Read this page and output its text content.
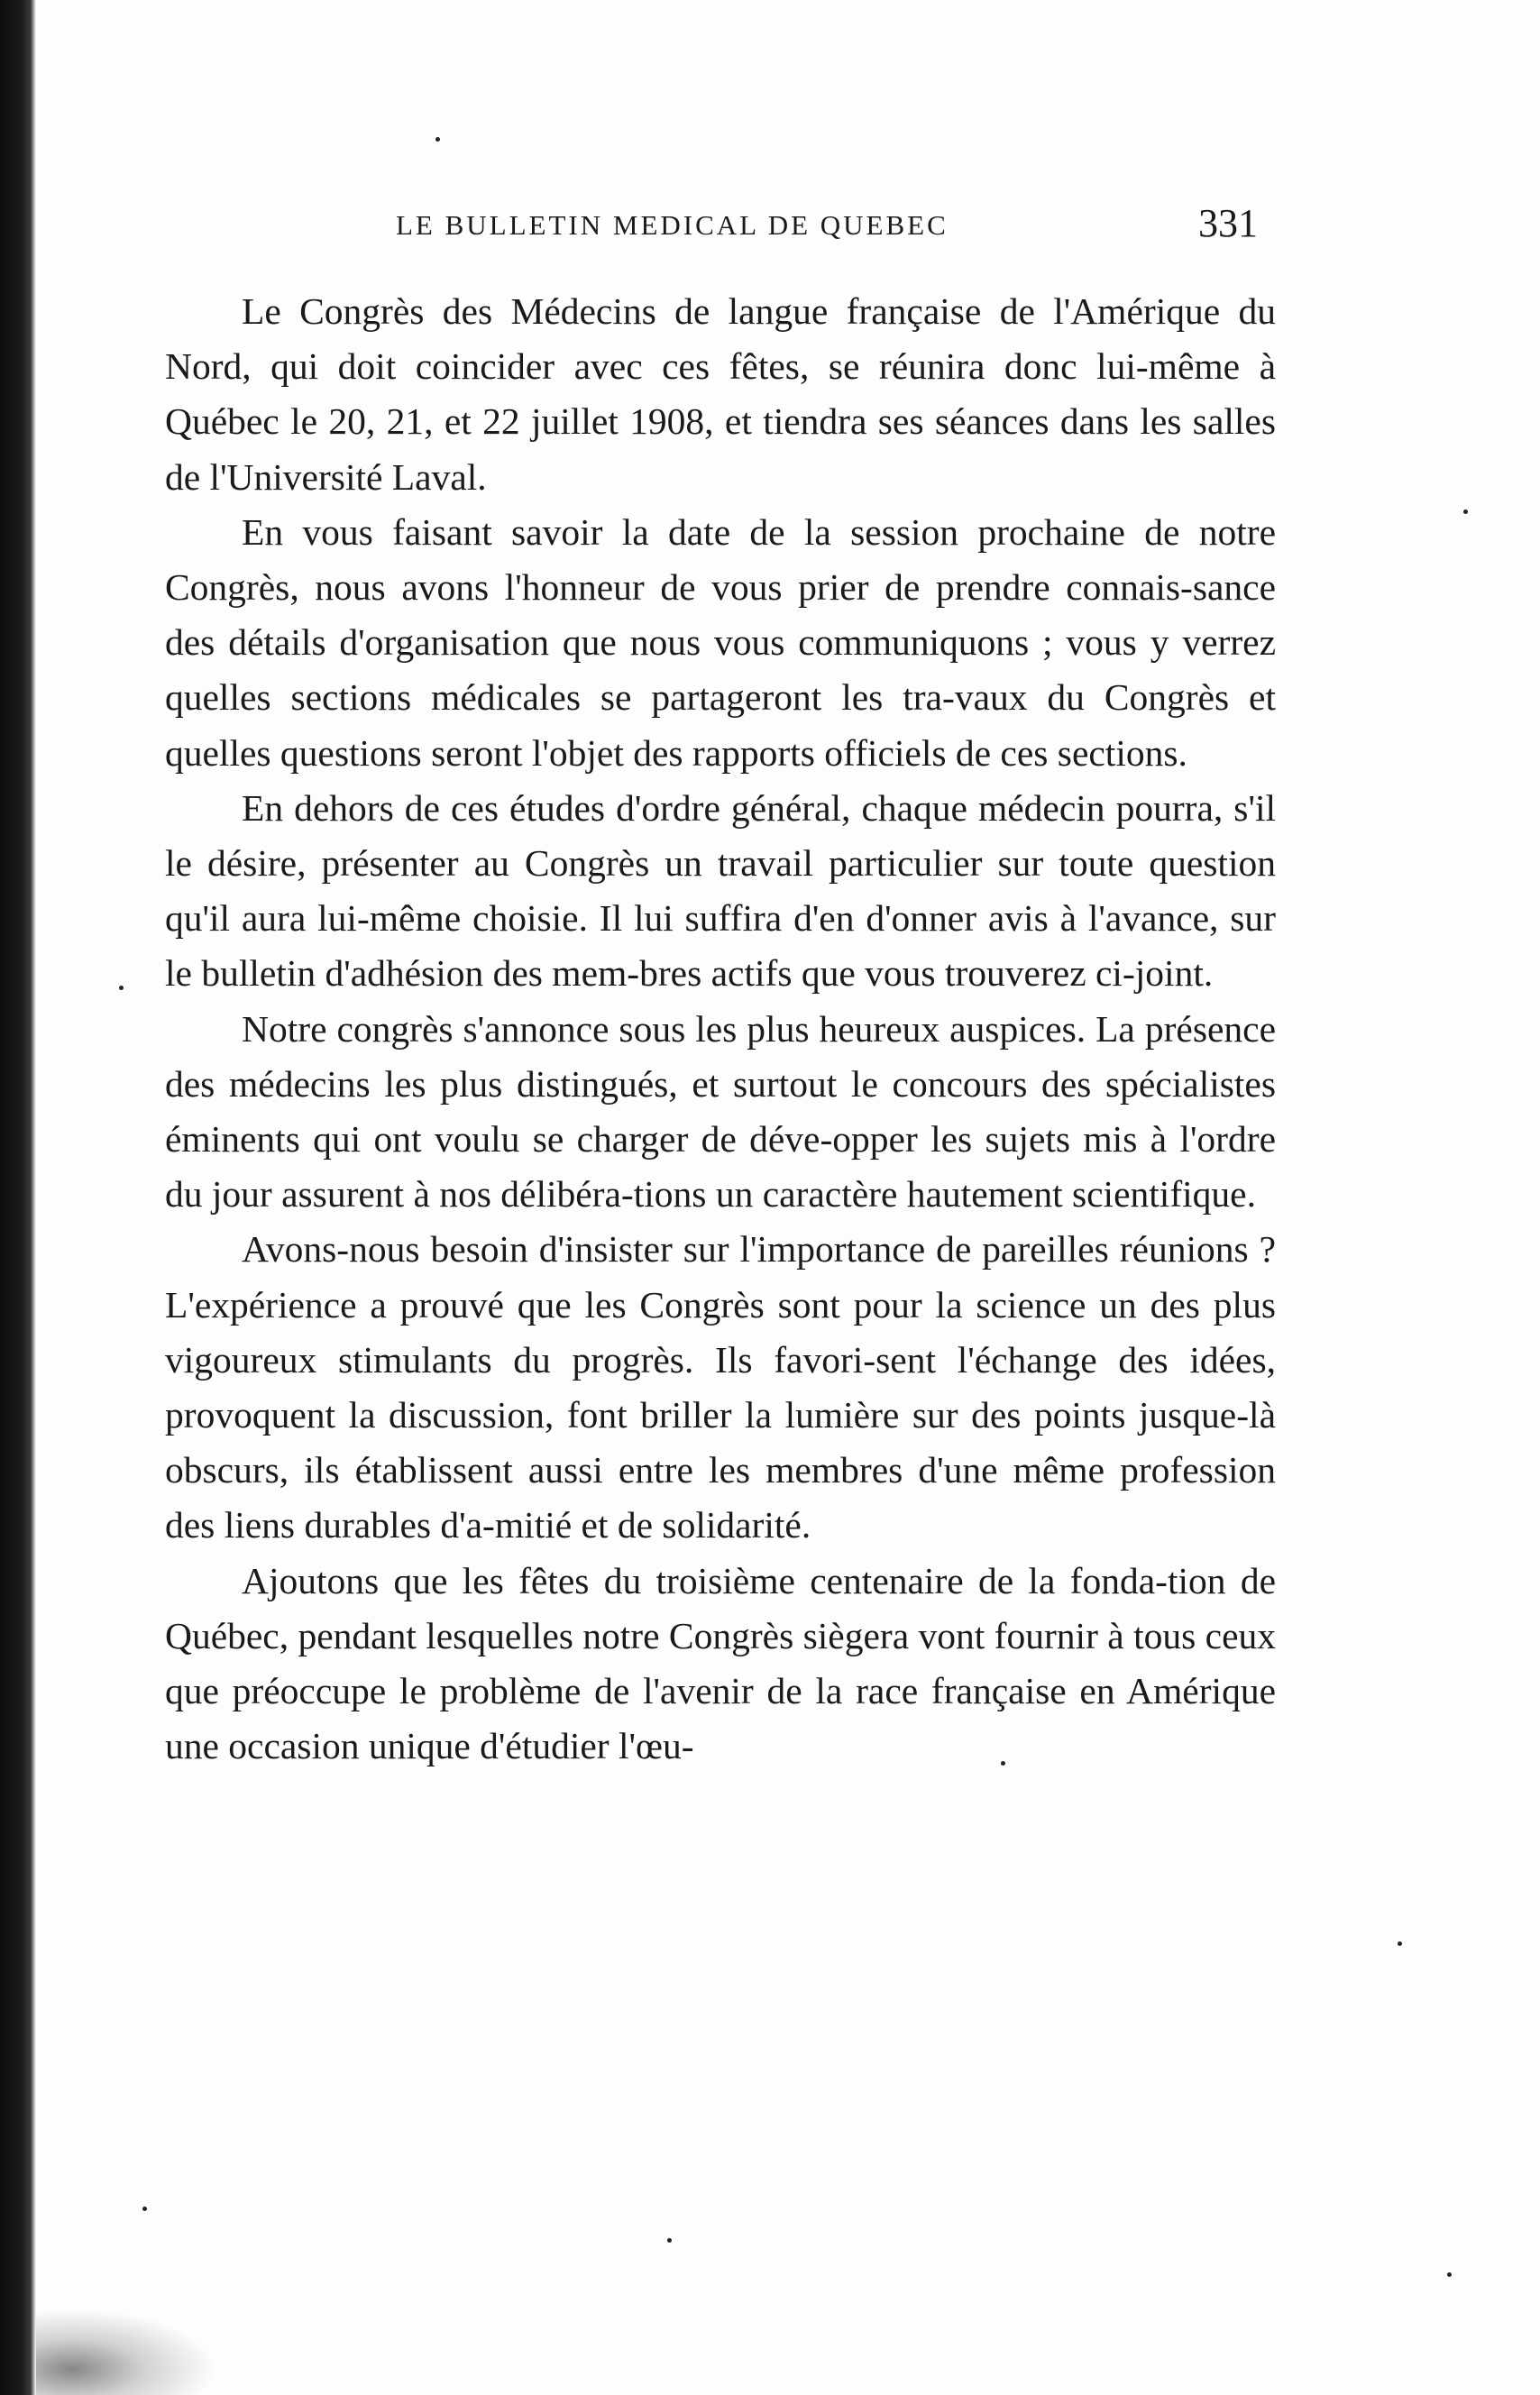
LE BULLETIN MEDICAL DE QUEBEC	331

Le Congrès des Médecins de langue française de l'Amérique du Nord, qui doit coincider avec ces fêtes, se réunira donc lui-même à Québec le 20, 21, et 22 juillet 1908, et tiendra ses séances dans les salles de l'Université Laval.

En vous faisant savoir la date de la session prochaine de notre Congrès, nous avons l'honneur de vous prier de prendre connais-sance des détails d'organisation que nous vous communiquons ; vous y verrez quelles sections médicales se partageront les tra-vaux du Congrès et quelles questions seront l'objet des rapports officiels de ces sections.

En dehors de ces études d'ordre général, chaque médecin pourra, s'il le désire, présenter au Congrès un travail particulier sur toute question qu'il aura lui-même choisie. Il lui suffira d'en d'onner avis à l'avance, sur le bulletin d'adhésion des mem-bres actifs que vous trouverez ci-joint.

Notre congrès s'annonce sous les plus heureux auspices. La présence des médecins les plus distingués, et surtout le concours des spécialistes éminents qui ont voulu se charger de déve-opper les sujets mis à l'ordre du jour assurent à nos délibéra-tions un caractère hautement scientifique.

Avons-nous besoin d'insister sur l'importance de pareilles réunions ? L'expérience a prouvé que les Congrès sont pour la science un des plus vigoureux stimulants du progrès. Ils favori-sent l'échange des idées, provoquent la discussion, font briller la lumière sur des points jusque-là obscurs, ils établissent aussi entre les membres d'une même profession des liens durables d'a-mitié et de solidarité.

Ajoutons que les fêtes du troisième centenaire de la fonda-tion de Québec, pendant lesquelles notre Congrès siègera vont fournir à tous ceux que préoccupe le problème de l'avenir de la race française en Amérique une occasion unique d'étudier l'œu-
